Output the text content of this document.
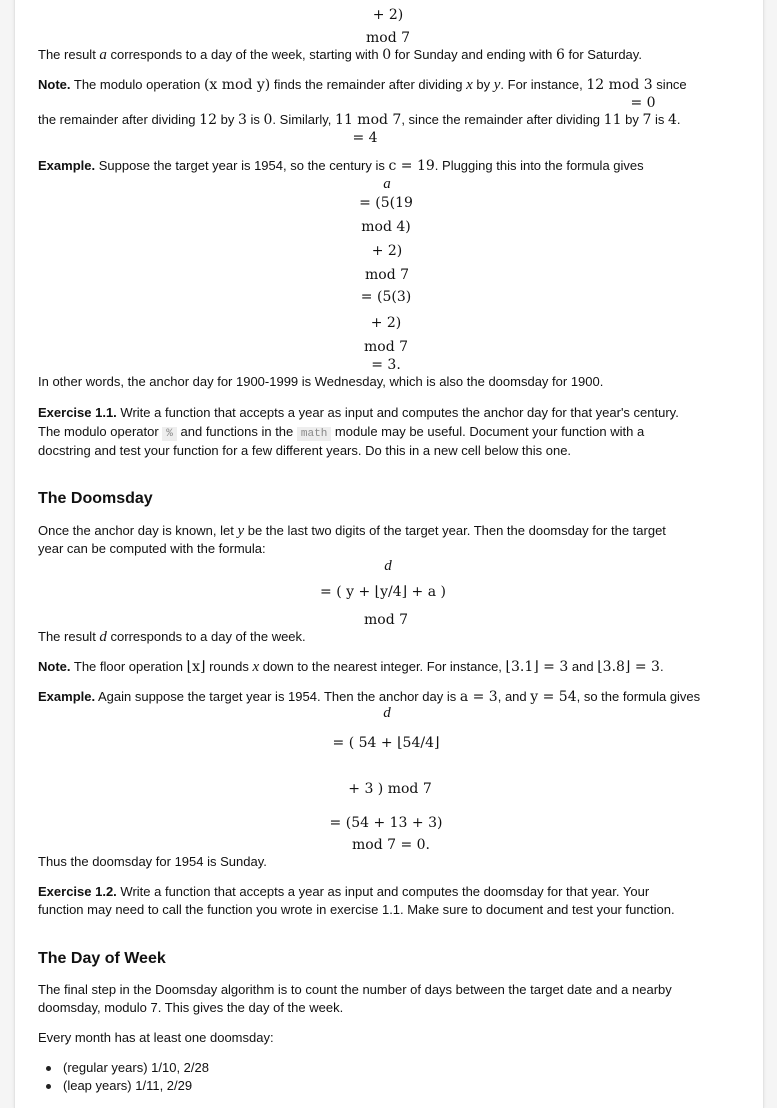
+ 2)
mod 7
The result a corresponds to a day of the week, starting with 0 for Sunday and ending with 6 for Saturday.
Note. The modulo operation (x mod y) finds the remainder after dividing x by y. For instance, 12 mod 3 since
= 0
the remainder after dividing 12 by 3 is 0. Similarly, 11 mod 7, since the remainder after dividing 11 by 7 is 4.
= 4
Example. Suppose the target year is 1954, so the century is c = 19. Plugging this into the formula gives
a
= (5(19
mod 4)
+ 2)
mod 7
= (5(3)
+ 2)
mod 7
= 3.
In other words, the anchor day for 1900-1999 is Wednesday, which is also the doomsday for 1900.
Exercise 1.1. Write a function that accepts a year as input and computes the anchor day for that year's century.
The modulo operator % and functions in the math module may be useful. Document your function with a
docstring and test your function for a few different years. Do this in a new cell below this one.
The Doomsday
Once the anchor day is known, let y be the last two digits of the target year. Then the doomsday for the target
year can be computed with the formula:
d
= ( y + ⌊y/4⌋ + a )
mod 7
The result d corresponds to a day of the week.
Note. The floor operation ⌊x⌋ rounds x down to the nearest integer. For instance, ⌊3.1⌋ = 3 and ⌊3.8⌋ = 3.
Example. Again suppose the target year is 1954. Then the anchor day is a = 3, and y = 54, so the formula gives
d
= ( 54 + ⌊54/4⌋
+ 3 ) mod 7
= (54 + 13 + 3)
mod 7 = 0.
Thus the doomsday for 1954 is Sunday.
Exercise 1.2. Write a function that accepts a year as input and computes the doomsday for that year. Your
function may need to call the function you wrote in exercise 1.1. Make sure to document and test your function.
The Day of Week
The final step in the Doomsday algorithm is to count the number of days between the target date and a nearby
doomsday, modulo 7. This gives the day of the week.
Every month has at least one doomsday:
(regular years) 1/10, 2/28
(leap years) 1/11, 2/29
